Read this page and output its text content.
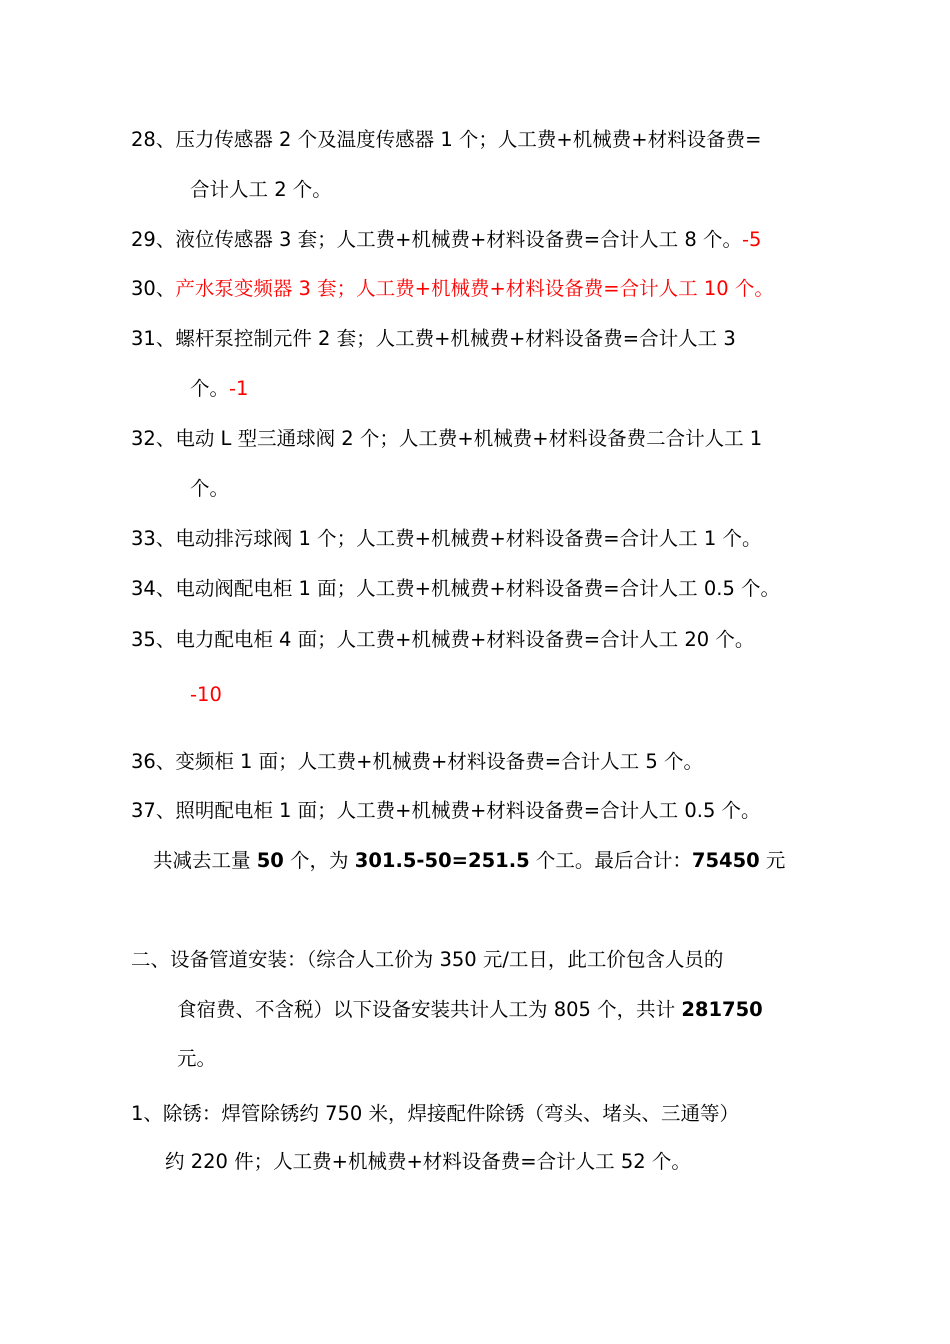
28、压力传感器 2 个及温度传感器 1 个；人工费+机械费+材料设备费=
合计人工 2 个。
29、液位传感器 3 套；人工费+机械费+材料设备费=合计人工 8 个。-5
30、产水泵变频器 3 套；人工费+机械费+材料设备费=合计人工 10 个。
31、螺杆泵控制元件 2 套；人工费+机械费+材料设备费=合计人工 3
个。-1
32、电动 L 型三通球阀 2 个；人工费+机械费+材料设备费二合计人工 1
个。
33、电动排污球阀 1 个；人工费+机械费+材料设备费=合计人工 1 个。
34、电动阀配电柜 1 面；人工费+机械费+材料设备费=合计人工 0.5 个。
35、电力配电柜 4 面；人工费+机械费+材料设备费=合计人工 20 个。
-10
36、变频柜 1 面；人工费+机械费+材料设备费=合计人工 5 个。
37、照明配电柜 1 面；人工费+机械费+材料设备费=合计人工 0.5 个。
共减去工量 50 个，为 301.5-50=251.5 个工。最后合计：75450 元
二、设备管道安装：（综合人工价为 350 元/工日，此工价包含人员的
食宿费、不含税）以下设备安装共计人工为 805 个，共计 281750
元。
1、除锈：焊管除锈约 750 米，焊接配件除锈（弯头、堵头、三通等）
约 220 件；人工费+机械费+材料设备费=合计人工 52 个。
